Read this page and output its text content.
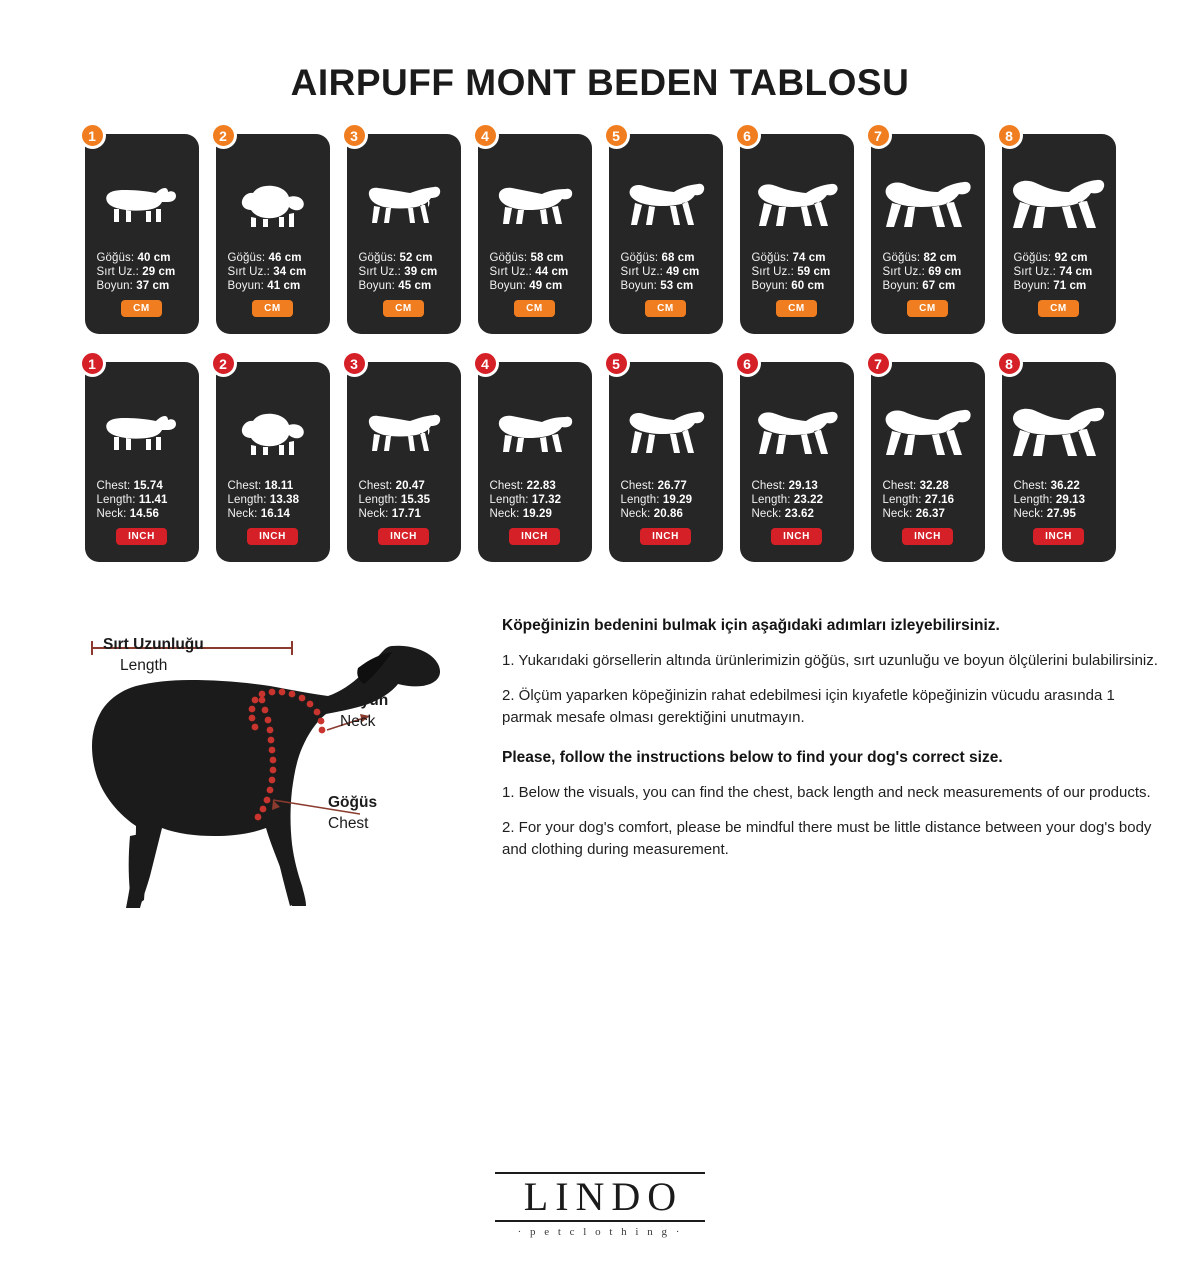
AIRPUFF MONT BEDEN TABLOSU
1
Göğüs: 40 cm
Sırt Uz.: 29 cm
Boyun: 37 cm
CM
2
Göğüs: 46 cm
Sırt Uz.: 34 cm
Boyun: 41 cm
CM
3
Göğüs: 52 cm
Sırt Uz.: 39 cm
Boyun: 45 cm
CM
4
Göğüs: 58 cm
Sırt Uz.: 44 cm
Boyun: 49 cm
CM
5
Göğüs: 68 cm
Sırt Uz.: 49 cm
Boyun: 53 cm
CM
6
Göğüs: 74 cm
Sırt Uz.: 59 cm
Boyun: 60 cm
CM
7
Göğüs: 82 cm
Sırt Uz.: 69 cm
Boyun: 67 cm
CM
8
Göğüs: 92 cm
Sırt Uz.: 74 cm
Boyun: 71 cm
CM
1
Chest: 15.74
Length: 11.41
Neck: 14.56
INCH
2
Chest: 18.11
Length: 13.38
Neck: 16.14
INCH
3
Chest: 20.47
Length: 15.35
Neck: 17.71
INCH
4
Chest: 22.83
Length: 17.32
Neck: 19.29
INCH
5
Chest: 26.77
Length: 19.29
Neck: 20.86
INCH
6
Chest: 29.13
Length: 23.22
Neck: 23.62
INCH
7
Chest: 32.28
Length: 27.16
Neck: 26.37
INCH
8
Chest: 36.22
Length: 29.13
Neck: 27.95
INCH
Sırt Uzunluğu
Length
Boyun
Neck
Göğüs
Chest
Köpeğinizin bedenini bulmak için aşağıdaki adımları izleyebilirsiniz.

1. Yukarıdaki görsellerin altında ürünlerimizin göğüs, sırt uzunluğu ve boyun ölçülerini bulabilirsiniz.

2. Ölçüm yaparken köpeğinizin rahat edebilmesi için kıyafetle köpeğinizin vücudu arasında 1 parmak mesafe olması gerektiğini unutmayın.

Please, follow the instructions below to find your dog's correct size.

1. Below the visuals, you can find the chest, back length and neck measurements of our products.

2. For your dog's comfort, please be mindful there must be little distance between your dog's body and clothing during measurement.

LINDO
· p e t c l o t h i n g ·
